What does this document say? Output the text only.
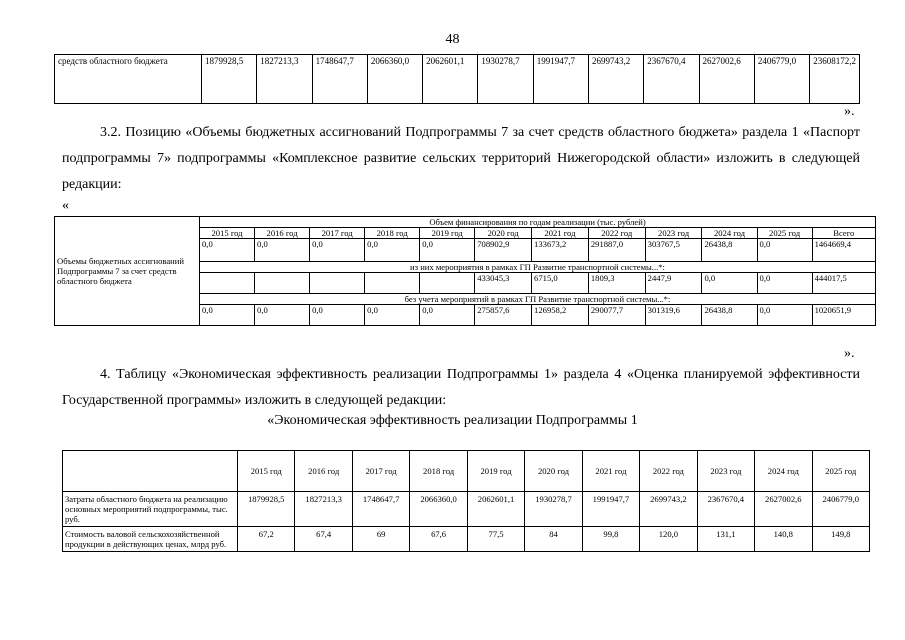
48
средств областного бюджета	1879928,5	1827213,3	1748647,7	2066360,0	2062601,1	1930278,7	1991947,7	2699743,2	2367670,4	2627002,6	2406779,0	23608172,2
».
3.2. Позицию «Объемы бюджетных ассигнований Подпрограммы 7 за счет средств областного бюджета» раздела 1 «Паспорт подпрограммы 7» подпрограммы «Комплексное развитие сельских территорий Нижегородской области» изложить в следующей редакции:
«
Объемы бюджетных ассигнований Подпрограммы 7 за счет средств областного бюджета	Объем финансирования по годам реализации (тыс. рублей)											
	2015 год	2016 год	2017 год	2018 год	2019 год	2020 год	2021 год	2022 год	2023 год	2024 год	2025 год	Всего
	0,0	0,0	0,0	0,0	0,0	708902,9	133673,2	291887,0	303767,5	26438,8	0,0	1464669,4
	из них мероприятия в рамках ГП Развитие транспортной системы...*:											
						433045,3	6715,0	1809,3	2447,9	0,0	0,0	444017,5
	без учета мероприятий в рамках ГП Развитие транспортной системы...*:											
	0,0	0,0	0,0	0,0	0,0	275857,6	126958,2	290077,7	301319,6	26438,8	0,0	1020651,9
».
4. Таблицу «Экономическая эффективность реализации Подпрограммы 1» раздела 4 «Оценка планируемой эффективности Государственной программы» изложить в следующей редакции:
«Экономическая эффективность реализации Подпрограммы 1
	2015 год	2016 год	2017 год	2018 год	2019 год	2020 год	2021 год	2022 год	2023 год	2024 год	2025 год
Затраты областного бюджета на реализацию основных мероприятий подпрограммы, тыс. руб.	1879928,5	1827213,3	1748647,7	2066360,0	2062601,1	1930278,7	1991947,7	2699743,2	2367670,4	2627002,6	2406779,0
Стоимость валовой сельскохозяйственной продукции в действующих ценах, млрд руб.	67,2	67,4	69	67,6	77,5	84	99,8	120,0	131,1	140,8	149,8
